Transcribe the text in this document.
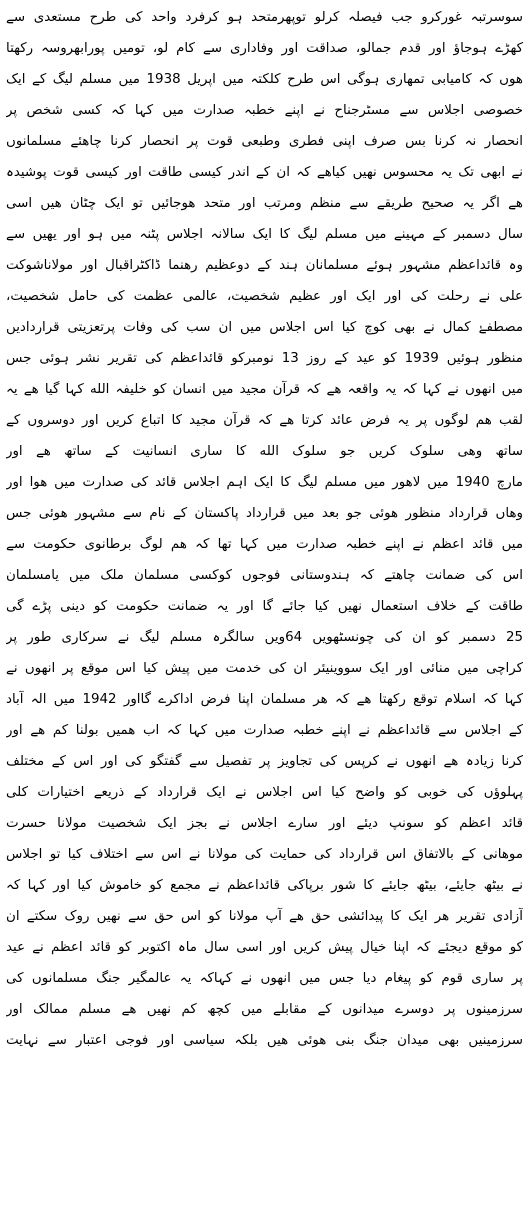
سوسرتبہ غورکرو جب فیصلہ کرلو توپھرمتحد ہو کرفرد واحد کی طرح مستعدی سے
کھڑے ہوجاؤ اور قدم جمالو، صداقت اور وفاداری سے کام لو، تومیں پورابھروسہ رکھتا
ھوں کہ کامیابی تمھاری ہوگی اس طرح کلکتہ میں اپریل 1938 میں مسلم لیگ کے ایک
خصوصی اجلاس سے مسٹرجناح نے اپنے خطبہ صدارت میں کہا کہ کسی شخص پر
انحصار نہ کرنا بس صرف اپنی فطری وطبعی قوت پر انحصار کرنا چاھئے مسلمانوں
نے ابھی تک یہ محسوس نھیں کیاھے کہ ان کے اندر کیسی طاقت اور کیسی قوت پوشیدہ
ھے اگر یہ صحیح طریقے سے منظم ومرتب اور متحد ھوجائیں تو ایک چٹان ھیں اسی
سال دسمبر کے مہینے میں مسلم لیگ کا ایک سالانہ اجلاس پٹنہ میں ہو اور یھیں سے
وہ قائداعظم مشہور ہوئے مسلمانان ہند کے دوعظیم رھنما ڈاکٹراقبال اور مولاناشوکت
علی نے رحلت کی اور ایک اور عظیم شخصیت، عالمی عظمت کی حامل شخصیت،
مصطفےٰ کمال نے بھی کوچ کیا اس اجلاس میں ان سب کی وفات پرتعزیتی قراردادیں
منظور ہوئیں 1939 کو عید کے روز 13 نومبرکو قائداعظم کی تقریر نشر ہوئی جس
میں انھوں نے کہا کہ یہ واقعہ ھے کہ قرآن مجید میں انسان کو خلیفہ الله کہا گیا ھے یہ
لقب ھم لوگوں پر یہ فرض عائد کرتا ھے کہ قرآن مجید کا اتباع کریں اور دوسروں کے
ساتھ وھی سلوک کریں جو سلوک الله کا ساری انسانیت کے ساتھ ھے اور
مارچ 1940 میں لاھور میں مسلم لیگ کا ایک اہم اجلاس قائد کی صدارت میں ھوا اور
وھاں قرارداد منظور ھوئی جو بعد میں قرارداد پاکستان کے نام سے مشہور ھوئی جس
میں قائد اعظم نے اپنے خطبہ صدارت میں کہا تھا کہ ھم لوگ برطانوی حکومت سے
اس کی ضمانت چاھتے کہ ہندوستانی فوجوں کوکسی مسلمان ملک میں یامسلمان
طاقت کے خلاف استعمال نھیں کیا جائے گا اور یہ ضمانت حکومت کو دینی پڑے گی
25 دسمبر کو ان کی چونسٹھویں 64ویں سالگرہ مسلم لیگ نے سرکاری طور پر
کراچی میں منائی اور ایک سووینیئر ان کی خدمت میں پیش کیا اس موقع پر انھوں نے
کہا کہ اسلام توقع رکھتا ھے کہ ھر مسلمان اپنا فرض اداکرے گااور 1942 میں الہ آباد
کے اجلاس سے قائداعظم نے اپنے خطبہ صدارت میں کہا کہ اب ھمیں بولنا کم ھے اور
کرنا زیادہ ھے انھوں نے کرپس کی تجاویز پر تفصیل سے گفتگو کی اور اس کے مختلف
پہلوؤں کی خوبی کو واضح کیا اس اجلاس نے ایک قرارداد کے ذریعے اختیارات کلی
قائد اعظم کو سونپ دیئے اور سارے اجلاس نے بجز ایک شخصیت مولانا حسرت
موھانی کے بالاتفاق اس قرارداد کی حمایت کی مولانا نے اس سے اختلاف کیا تو اجلاس
نے بیٹھ جایئے، بیٹھ جایئے کا شور برپاکی قائداعظم نے مجمع کو خاموش کیا اور کہا کہ
آزادی تقریر ھر ایک کا پیدائشی حق ھے آپ مولانا کو اس حق سے نھیں روک سکتے ان
کو موقع دیجئے کہ اپنا خیال پیش کریں اور اسی سال ماہ اکتوبر کو قائد اعظم نے عید
پر ساری قوم کو پیغام دیا جس میں انھوں نے کہاکہ یہ عالمگیر جنگ مسلمانوں کی
سرزمینوں پر دوسرے میدانوں کے مقابلے میں کچھ کم نھیں ھے مسلم ممالک اور
سرزمینیں بھی میدان جنگ بنی ھوئی ھیں بلکہ سیاسی اور فوجی اعتبار سے نہایت
